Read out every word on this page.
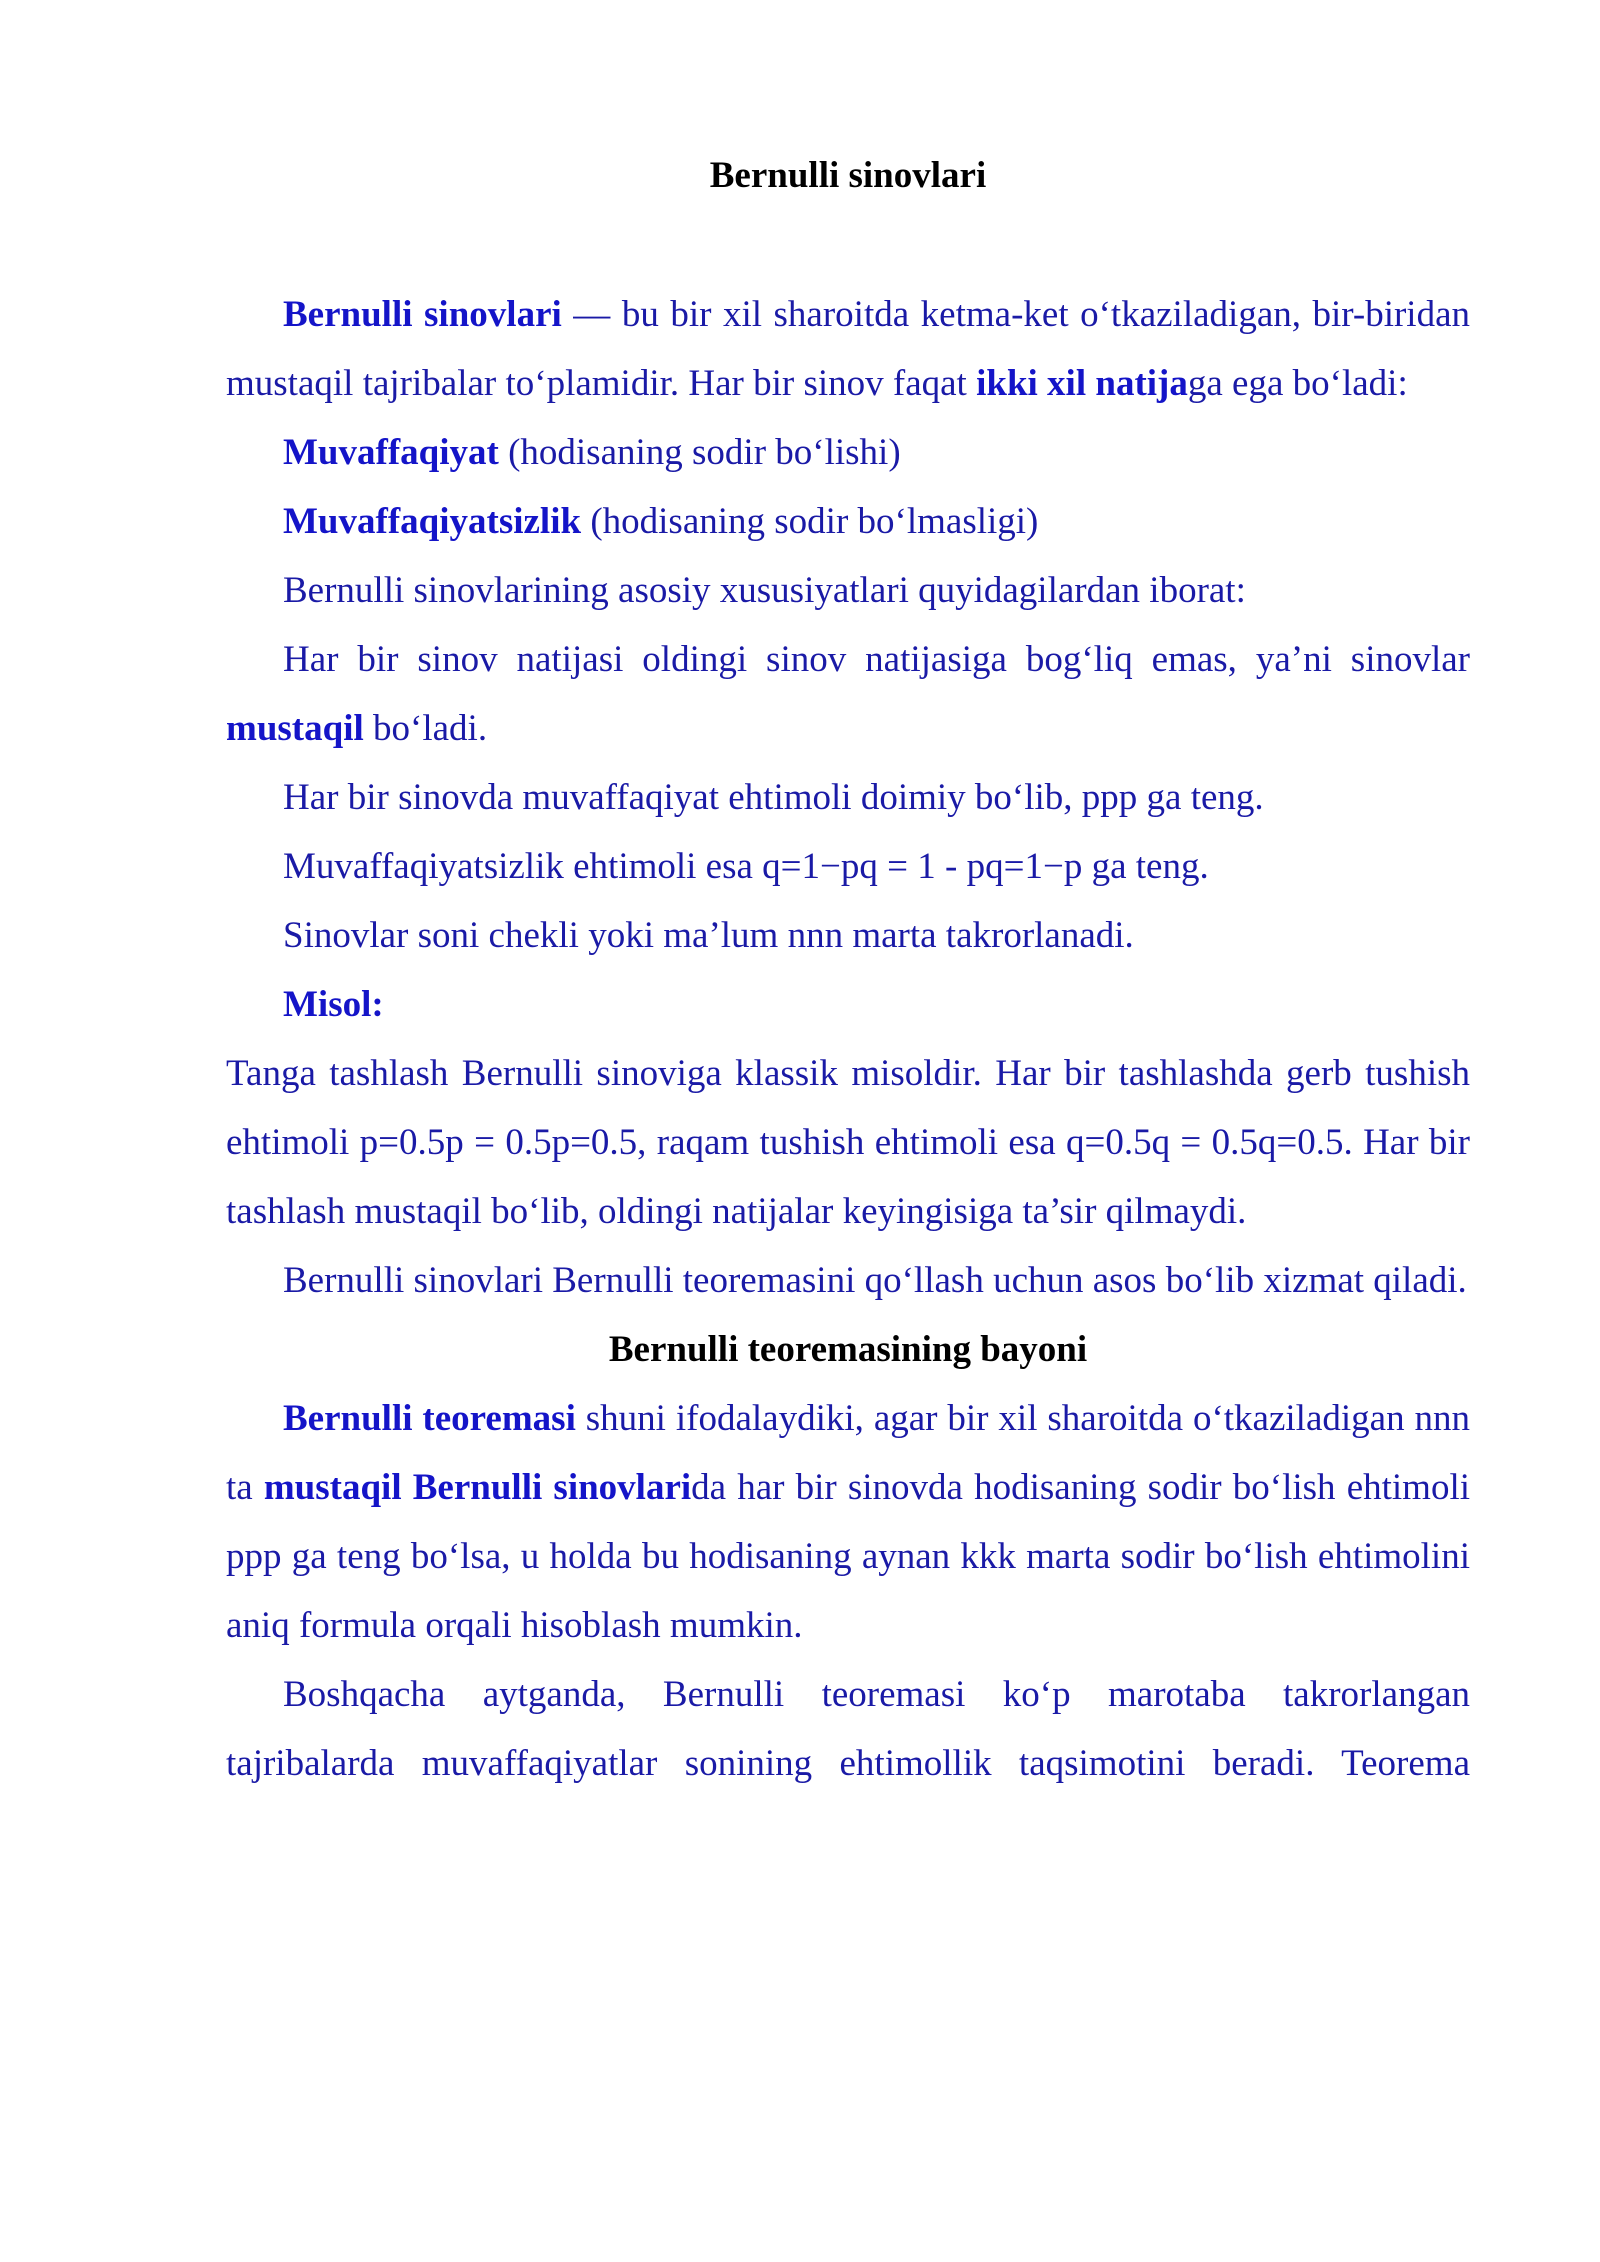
Bernulli sinovlari

Bernulli sinovlari — bu bir xil sharoitda ketma-ket o‘tkaziladigan, bir-biridan mustaqil tajribalar to‘plamidir. Har bir sinov faqat ikki xil natijaga ega bo‘ladi:

Muvaffaqiyat (hodisaning sodir bo‘lishi)

Muvaffaqiyatsizlik (hodisaning sodir bo‘lmasligi)

Bernulli sinovlarining asosiy xususiyatlari quyidagilardan iborat:

Har bir sinov natijasi oldingi sinov natijasiga bog‘liq emas, ya’ni sinovlar mustaqil bo‘ladi.

Har bir sinovda muvaffaqiyat ehtimoli doimiy bo‘lib, ppp ga teng.

Muvaffaqiyatsizlik ehtimoli esa q=1−pq = 1 - pq=1−p ga teng.

Sinovlar soni chekli yoki ma’lum nnn marta takrorlanadi.

Misol:

Tanga tashlash Bernulli sinoviga klassik misoldir. Har bir tashlashda gerb tushish ehtimoli p=0.5p = 0.5p=0.5, raqam tushish ehtimoli esa q=0.5q = 0.5q=0.5. Har bir tashlash mustaqil bo‘lib, oldingi natijalar keyingisiga ta’sir qilmaydi.

Bernulli sinovlari Bernulli teoremasini qo‘llash uchun asos bo‘lib xizmat qiladi.

Bernulli teoremasining bayoni

Bernulli teoremasi shuni ifodalaydiki, agar bir xil sharoitda o‘tkaziladigan nnn ta mustaqil Bernulli sinovlarida har bir sinovda hodisaning sodir bo‘lish ehtimoli ppp ga teng bo‘lsa, u holda bu hodisaning aynan kkk marta sodir bo‘lish ehtimolini aniq formula orqali hisoblash mumkin.

Boshqacha aytganda, Bernulli teoremasi ko‘p marotaba takrorlangan tajribalarda muvaffaqiyatlar sonining ehtimollik taqsimotini beradi. Teorema
